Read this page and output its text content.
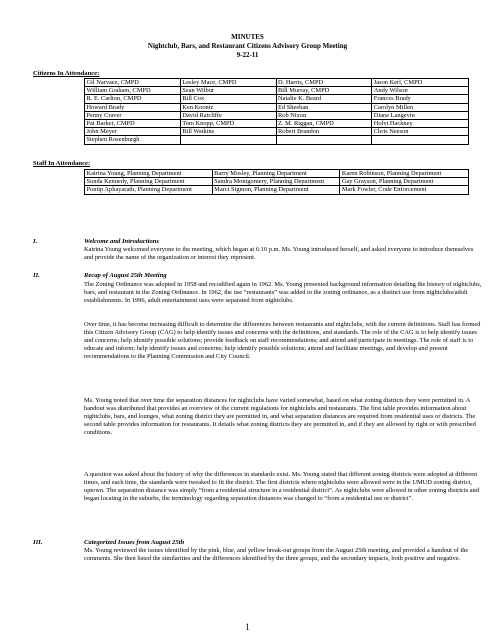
MINUTES
Nightclub, Bars, and Restaurant Citizens Advisory Group Meeting
9-22-11
Citizens In Attendance:
Gil Narvaez, CMPD	Lesley Mace, CMPD	D. Harris, CMPD	Jason Kerl, CMPD
William Graham, CMPD	Sean Wilbur	Bill Murray, CMPD	Andy Wilson
R. E. Carlton, CMPD	Bill Cox	Natalie K. Beard	Frances Brady
Howard Brady	Ken Koontz	Ed Sheehan	Carolyn Millen
Penny Craver	David Ratcliffe	Rob Nixon	Diane Langevin
Pat Barker, CMPD	Tom Knopp, CMPD	Z. M. Riggan, CMPD	Holvt Hackney
John Meyer	Bill Watkins	Robert Brandon	Chris Neeson
Stephen Rosenburgh			
Staff In Attendance:
Katrina Young, Planning Department	Barry Mosley, Planning Department	Karen Robinson, Planning Department
Sonda Kennedy, Planning Department	Sandra Montgomery, Planning Department	Gay Grayson, Planning Department
Pontip Aphayarath, Planning Department	Marci Sigmon, Planning Department	Mark Fowler, Code Enforcement
I.	Welcome and Introductions
Katrina Young welcomed everyone to the meeting, which began at 6:10 p.m. Ms. Young introduced herself, and asked everyone to introduce themselves and provide the name of the organization or interest they represent.
II.	Recap of August 25th Meeting
The Zoning Ordinance was adopted in 1958 and recodified again in 1962. Ms. Young presented background information detailing the history of nightclubs, bars, and restaurant in the Zoning Ordinance. In 1962, the use “restaurants” was added to the zoning ordinance, as a distinct use from nightclubs/adult establishments. In 1996, adult entertainment uses were separated from nightclubs.
Over time, it has become increasing difficult to determine the differences between restaurants and nightclubs, with the current definitions. Staff has formed this Citizen Advisory Group (CAG) to help identify issues and concerns with the definitions, and standards. The role of the CAG is to help identify issues and concerns; help identify possible solutions; provide feedback on staff recommendations; and attend and participate in meetings. The role of staff is to educate and inform; help identify issues and concerns; help identify possible solutions; attend and facilitate meetings, and develop and present recommendations to the Planning Commission and City Council.
Ms. Young noted that over time the separation distances for nightclubs have varied somewhat, based on what zoning districts they were permitted in. A handout was distributed that provides an overview of the current regulations for nightclubs and restaurants. The first table provides information about nightclubs, bars, and lounges, what zoning district they are permitted in, and what separation distances are required from residential uses or districts. The second table provides information for restaurants. It details what zoning districts they are permitted in, and if they are allowed by right or with prescribed conditions.
A question was asked about the history of why the differences in standards exist. Ms. Young stated that different zoning districts were adopted at different times, and each time, the standards were tweaked to fit the district. The first districts where nightclubs were allowed were in the UMUD zoning district, uptown. The separation distance was simply “from a residential structure in a residential district”. As nightclubs were allowed in other zoning districts and began locating in the suburbs, the terminology regarding separation distances was changed to “from a residential use or district”.
III.	Categorized Issues from August 25th
Ms. Young reviewed the issues identified by the pink, blue, and yellow break-out groups from the August 25th meeting, and provided a handout of the comments. She then listed the similarities and the differences identified by the three groups, and the secondary impacts, both positive and negative.
1
